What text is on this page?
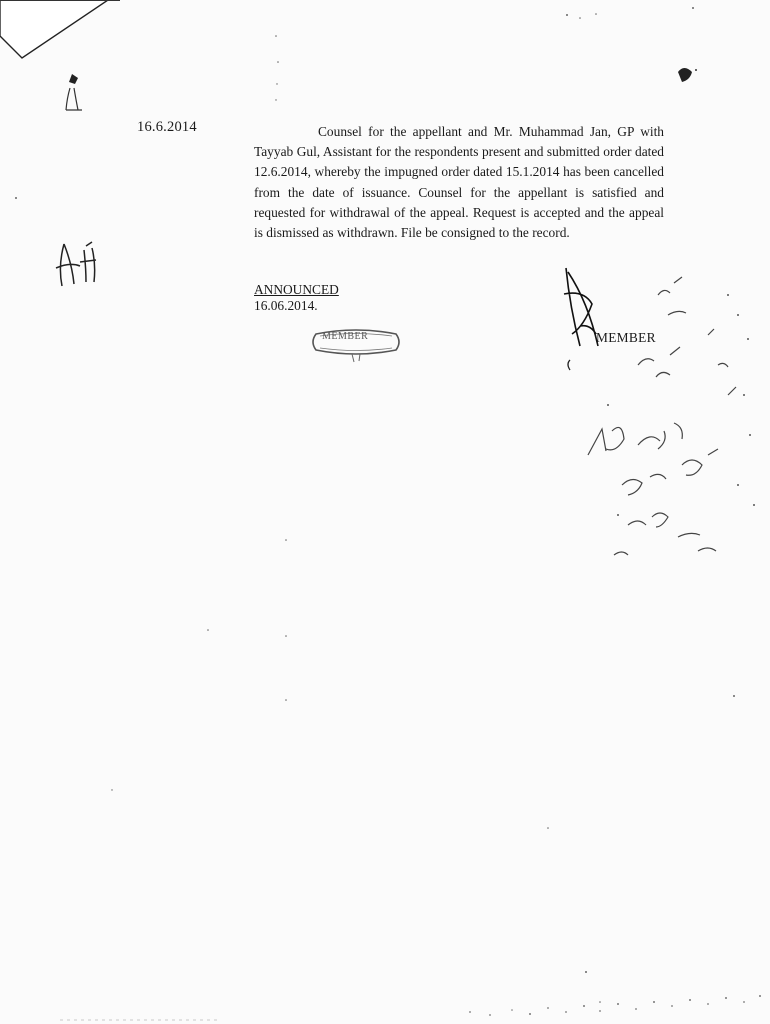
16.6.2014	Counsel for the appellant and Mr. Muhammad Jan, GP with Tayyab Gul, Assistant for the respondents present and submitted order dated 12.6.2014, whereby the impugned order dated 15.1.2014 has been cancelled from the date of issuance. Counsel for the appellant is satisfied and requested for withdrawal of the appeal. Request is accepted and the appeal is dismissed as withdrawn. File be consigned to the record.

ANNOUNCED
16.06.2014.
MEMBER	MEMBER
